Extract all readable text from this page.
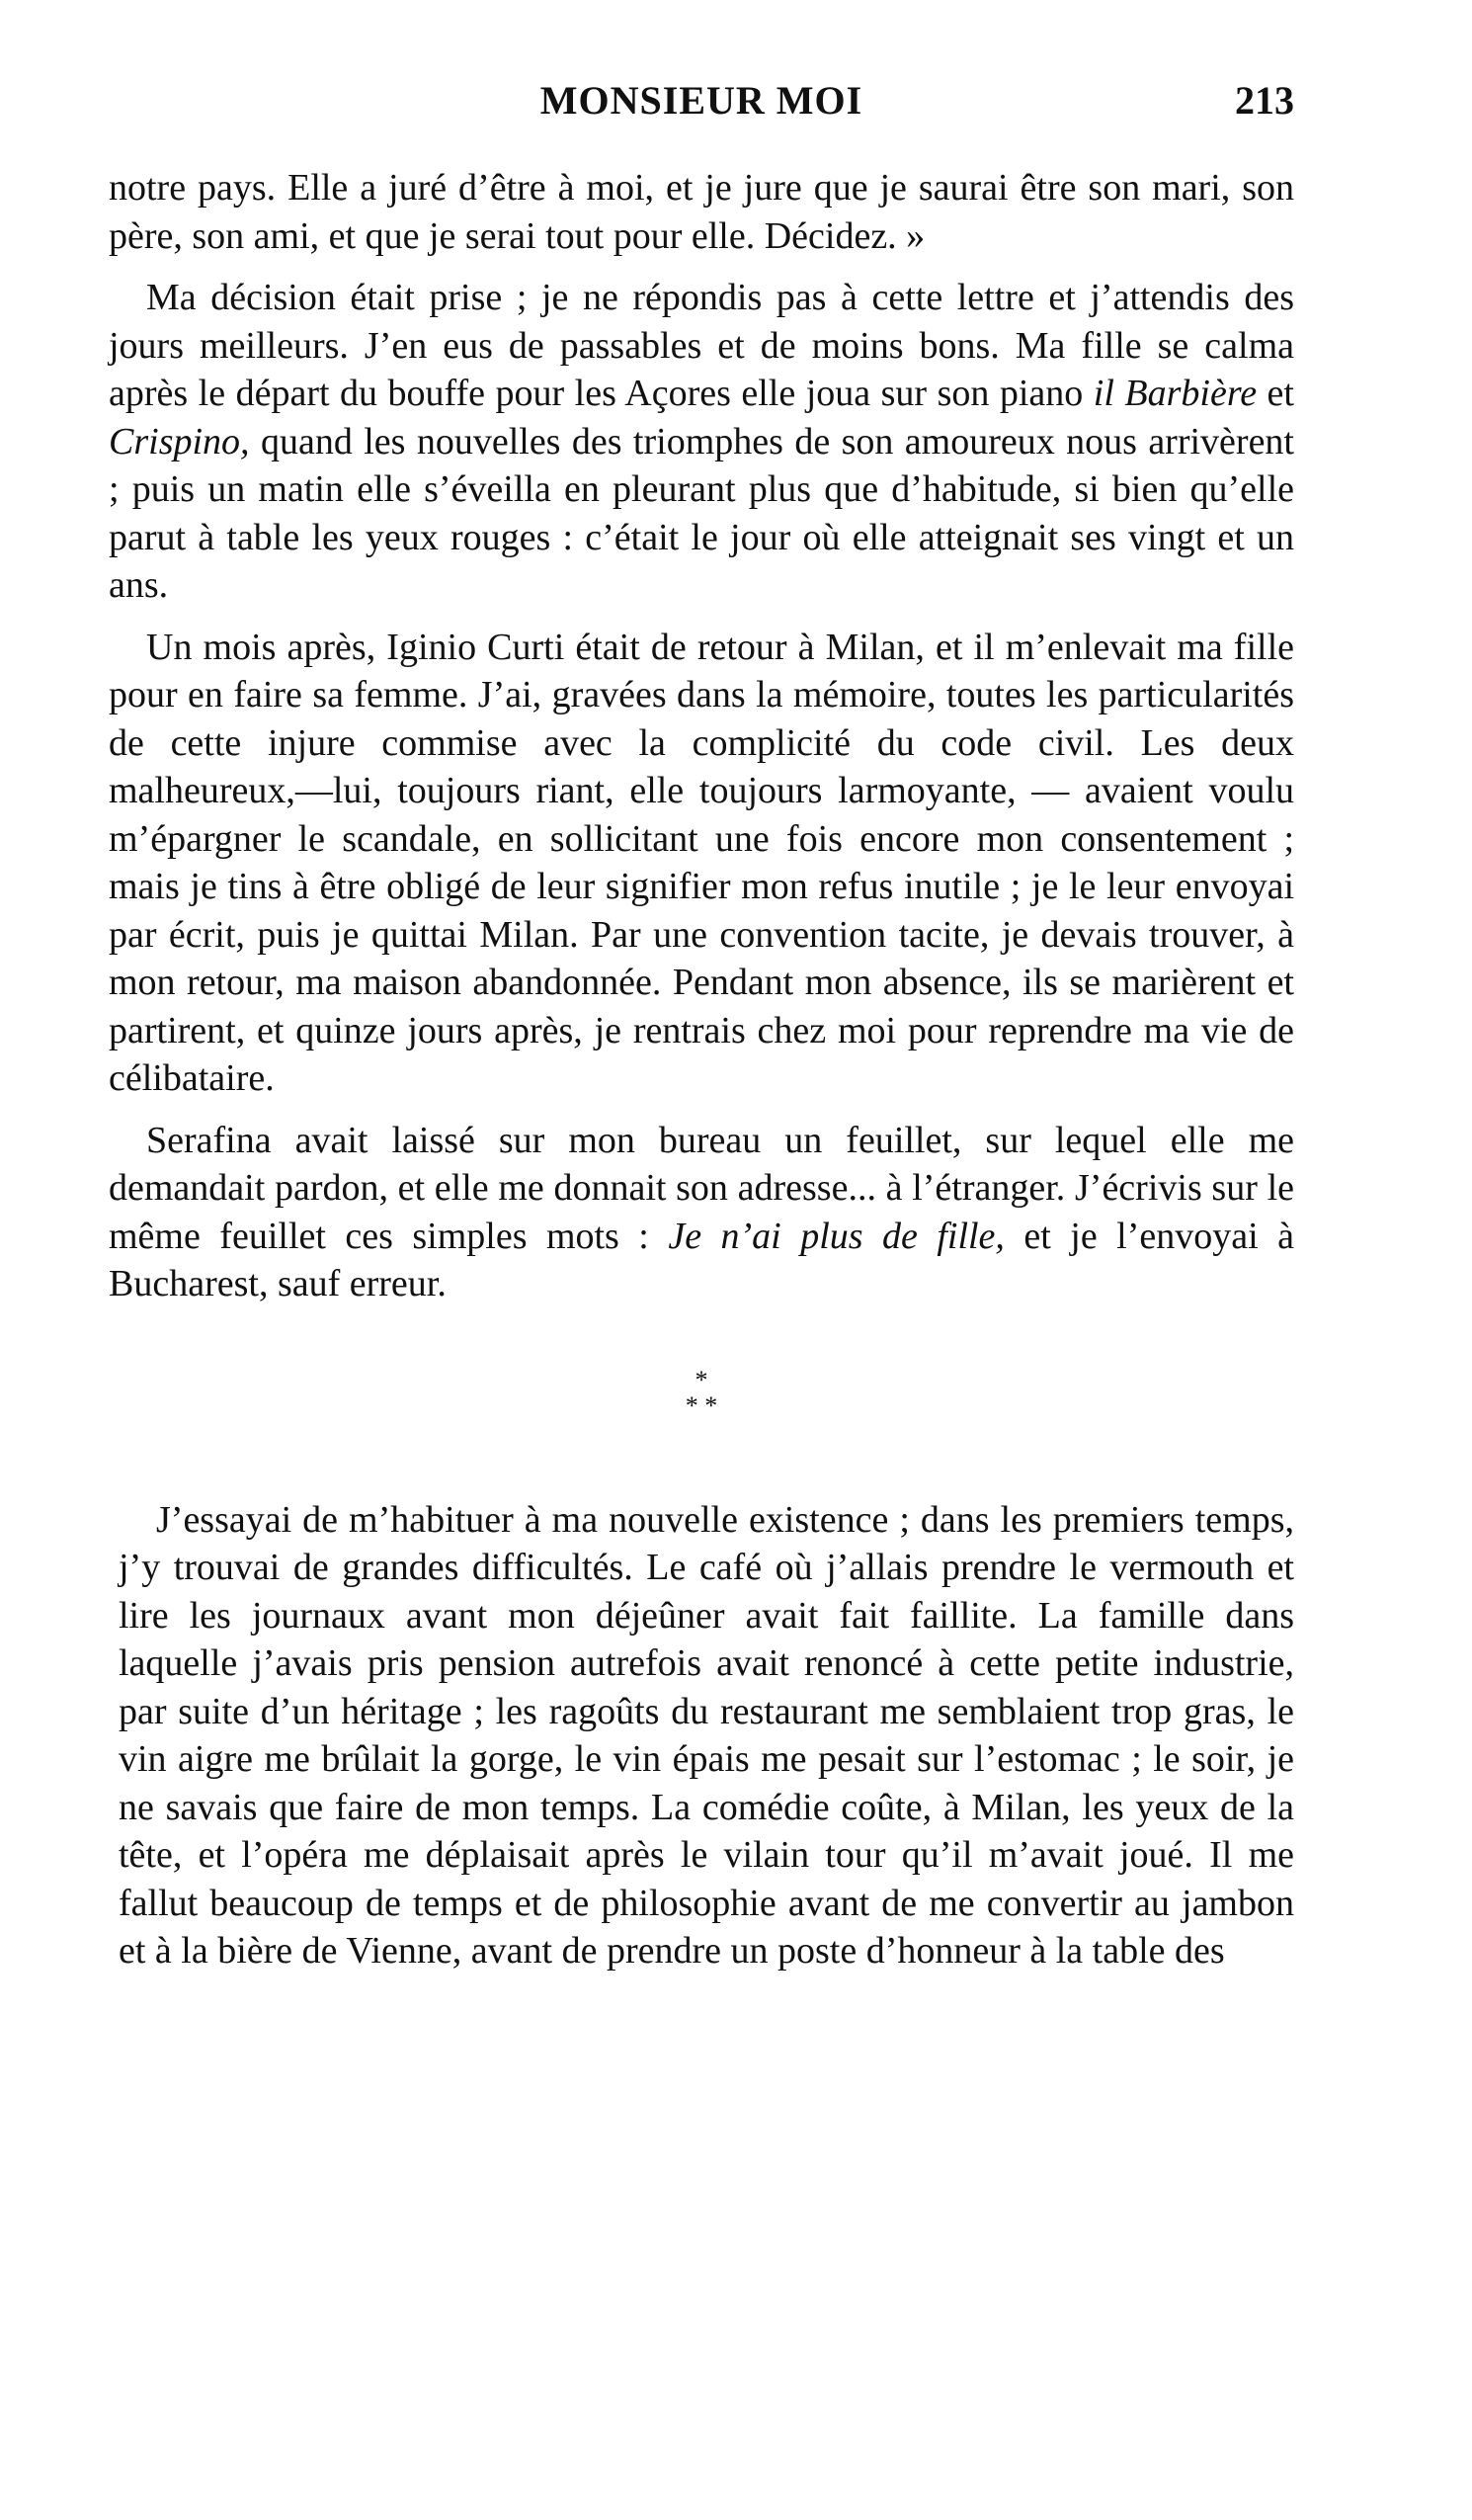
MONSIEUR MOI	213

notre pays. Elle a juré d’être à moi, et je jure que je saurai être son mari, son père, son ami, et que je serai tout pour elle. Décidez. »

Ma décision était prise ; je ne répondis pas à cette lettre et j’attendis des jours meilleurs. J’en eus de passables et de moins bons. Ma fille se calma après le départ du bouffe pour les Açores elle joua sur son piano il Barbière et Crispino, quand les nouvelles des triomphes de son amoureux nous arrivèrent ; puis un matin elle s’éveilla en pleurant plus que d’habitude, si bien qu’elle parut à table les yeux rouges : c’était le jour où elle atteignait ses vingt et un ans.

Un mois après, Iginio Curti était de retour à Milan, et il m’enlevait ma fille pour en faire sa femme. J’ai, gravées dans la mémoire, toutes les particularités de cette injure commise avec la complicité du code civil. Les deux malheureux,—lui, toujours riant, elle toujours larmoyante, — avaient voulu m’épargner le scandale, en sollicitant une fois encore mon consentement ; mais je tins à être obligé de leur signifier mon refus inutile ; je le leur envoyai par écrit, puis je quittai Milan. Par une convention tacite, je devais trouver, à mon retour, ma maison abandonnée. Pendant mon absence, ils se marièrent et partirent, et quinze jours après, je rentrais chez moi pour reprendre ma vie de célibataire.

Serafina avait laissé sur mon bureau un feuillet, sur lequel elle me demandait pardon, et elle me donnait son adresse... à l’étranger. J’écrivis sur le même feuillet ces simples mots : Je n’ai plus de fille, et je l’envoyai à Bucharest, sauf erreur.

*
* *

J’essayai de m’habituer à ma nouvelle existence ; dans les premiers temps, j’y trouvai de grandes difficultés. Le café où j’allais prendre le vermouth et lire les journaux avant mon déjeûner avait fait faillite. La famille dans laquelle j’avais pris pension autrefois avait renoncé à cette petite industrie, par suite d’un héritage ; les ragoûts du restaurant me semblaient trop gras, le vin aigre me brûlait la gorge, le vin épais me pesait sur l’estomac ; le soir, je ne savais que faire de mon temps. La comédie coûte, à Milan, les yeux de la tête, et l’opéra me déplaisait après le vilain tour qu’il m’avait joué. Il me fallut beaucoup de temps et de philosophie avant de me convertir au jambon et à la bière de Vienne, avant de prendre un poste d’honneur à la table des
